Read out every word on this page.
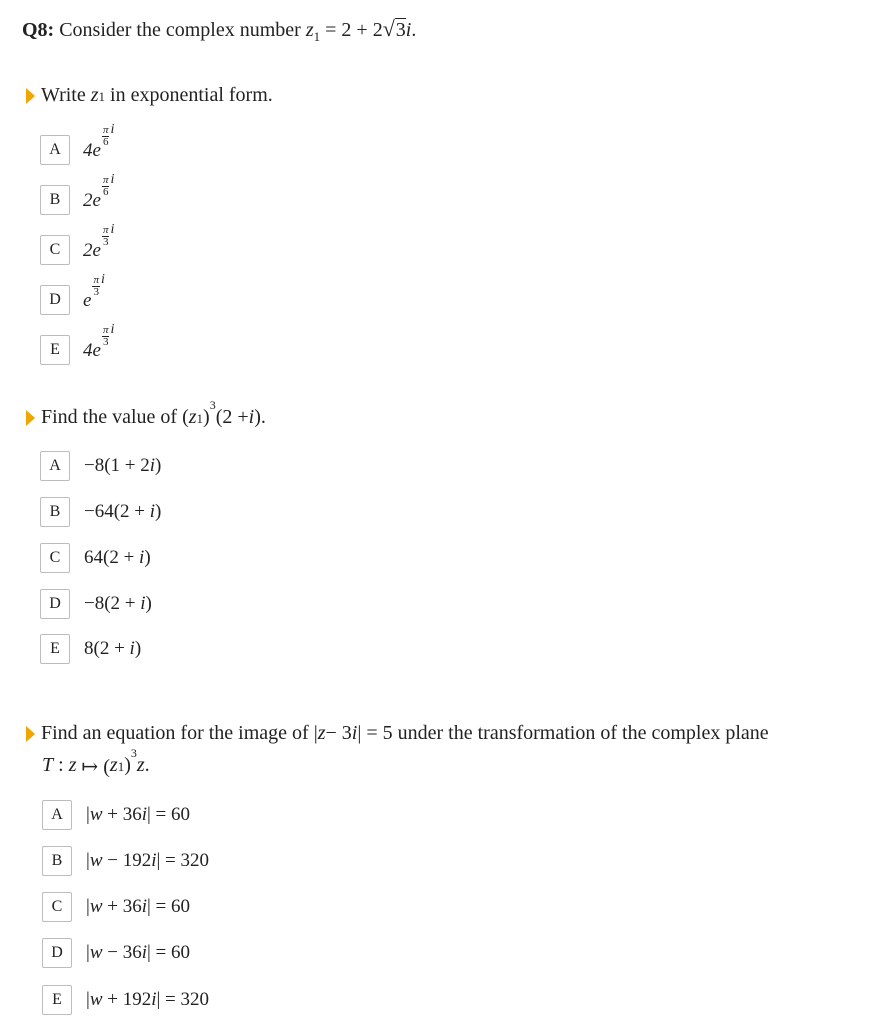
Q8: Consider the complex number $z_1 = 2 + 2√3i$.
Write
z 1
in exponential form.
A	4e
$\frac{\pi}{6}$ i
B	2e
$\frac{\pi}{6}$ i
C	2e
$\frac{\pi}{3}$ i
D	e
$\frac{\pi}{3}$ i
E	4e
$\frac{\pi}{3}$ i
Find the value of ( z 1 )
3
(2 + i ).
A	−8(1 + 2 i )
B	−64(2 + i )
C	64(2 + i )
D	−8(2 + i )
E	8(2 + i )
Find an equation for the image of | z − 3 i | = 5 under the transformation of the complex plane
T : z ↦ ( z 1 )
3
z .
A	| w + 36 i | = 60
B	| w − 192 i | = 320
C	| w + 36 i | = 60
D	| w − 36 i | = 60
E	| w + 192 i | = 320
